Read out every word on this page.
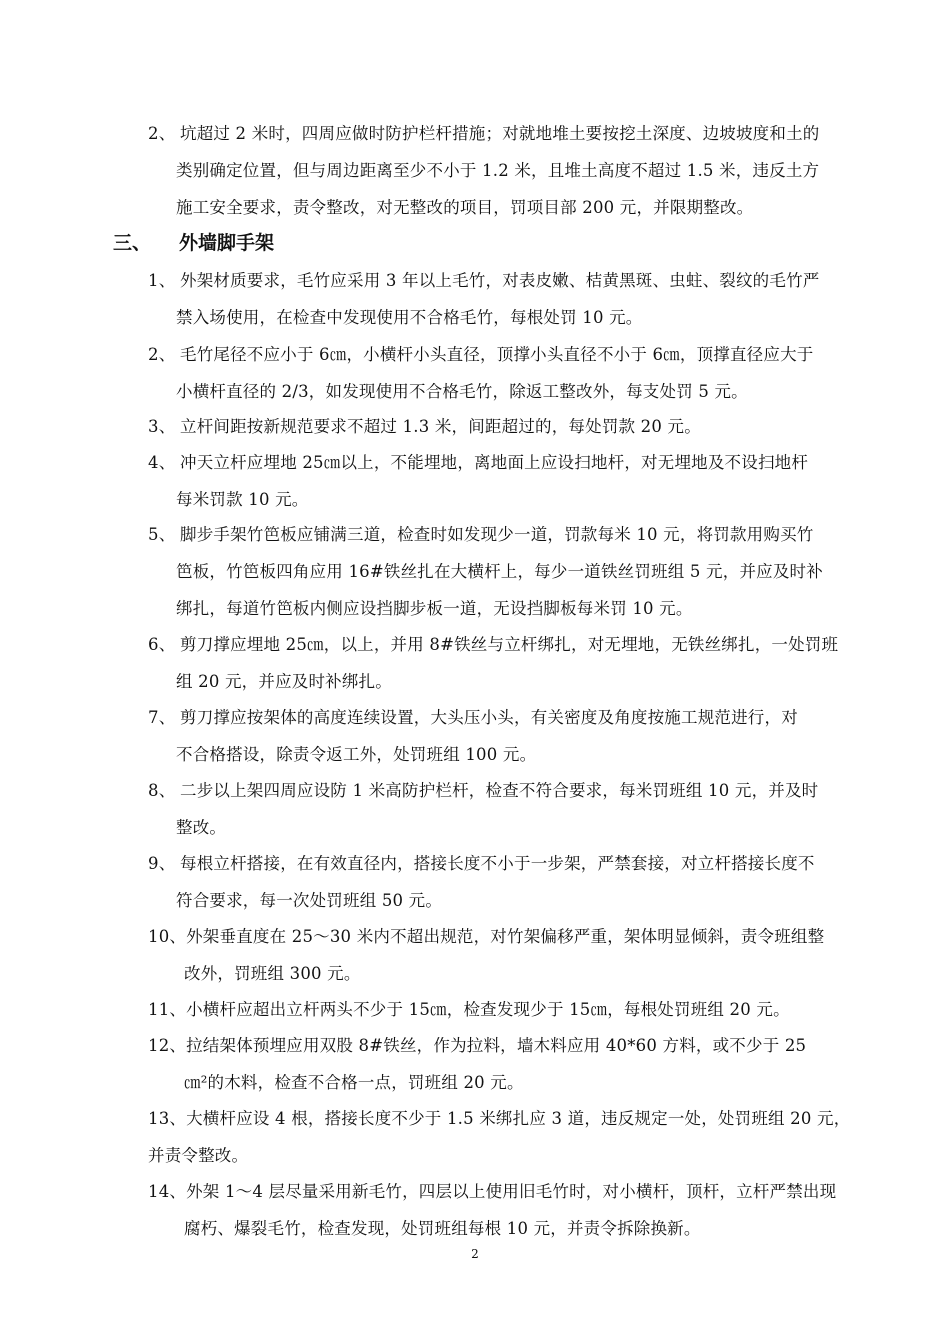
2、 坑超过 2 米时，四周应做时防护栏杆措施；对就地堆土要按挖土深度、边坡坡度和土的
类别确定位置，但与周边距离至少不小于 1.2 米，且堆土高度不超过 1.5 米，违反土方
施工安全要求，责令整改，对无整改的项目，罚项目部 200 元，并限期整改。
三、 外墙脚手架
1、 外架材质要求，毛竹应采用 3 年以上毛竹，对表皮嫩、桔黄黑斑、虫蛀、裂纹的毛竹严
禁入场使用，在检查中发现使用不合格毛竹，每根处罚 10 元。
2、 毛竹尾径不应小于 6㎝，小横杆小头直径，顶撑小头直径不小于 6㎝，顶撑直径应大于
小横杆直径的 2/3，如发现使用不合格毛竹，除返工整改外，每支处罚 5 元。
3、 立杆间距按新规范要求不超过 1.3 米，间距超过的，每处罚款 20 元。
4、 冲天立杆应埋地 25㎝以上，不能埋地，离地面上应设扫地杆，对无埋地及不设扫地杆
每米罚款 10 元。
5、 脚步手架竹笆板应铺满三道，检查时如发现少一道，罚款每米 10 元，将罚款用购买竹
笆板，竹笆板四角应用 16#铁丝扎在大横杆上，每少一道铁丝罚班组 5 元，并应及时补
绑扎，每道竹笆板内侧应设挡脚步板一道，无设挡脚板每米罚 10 元。
6、 剪刀撑应埋地 25㎝，以上，并用 8#铁丝与立杆绑扎，对无埋地，无铁丝绑扎，一处罚班
组 20 元，并应及时补绑扎。
7、 剪刀撑应按架体的高度连续设置，大头压小头，有关密度及角度按施工规范进行，对
不合格搭设，除责令返工外，处罚班组 100 元。
8、 二步以上架四周应设防 1 米高防护栏杆，检查不符合要求，每米罚班组 10 元，并及时
整改。
9、 每根立杆搭接，在有效直径内，搭接长度不小于一步架，严禁套接，对立杆搭接长度不
符合要求，每一次处罚班组 50 元。
10、外架垂直度在 25～30 米内不超出规范，对竹架偏移严重，架体明显倾斜，责令班组整
改外，罚班组 300 元。
11、小横杆应超出立杆两头不少于 15㎝，检查发现少于 15㎝，每根处罚班组 20 元。
12、拉结架体预埋应用双股 8#铁丝，作为拉料，墙木料应用 40*60 方料，或不少于 25
㎝²的木料，检查不合格一点，罚班组 20 元。
13、大横杆应设 4 根，搭接长度不少于 1.5 米绑扎应 3 道，违反规定一处，处罚班组 20 元，
并责令整改。
14、外架 1～4 层尽量采用新毛竹，四层以上使用旧毛竹时，对小横杆，顶杆，立杆严禁出现
腐朽、爆裂毛竹，检查发现，处罚班组每根 10 元，并责令拆除换新。
2
